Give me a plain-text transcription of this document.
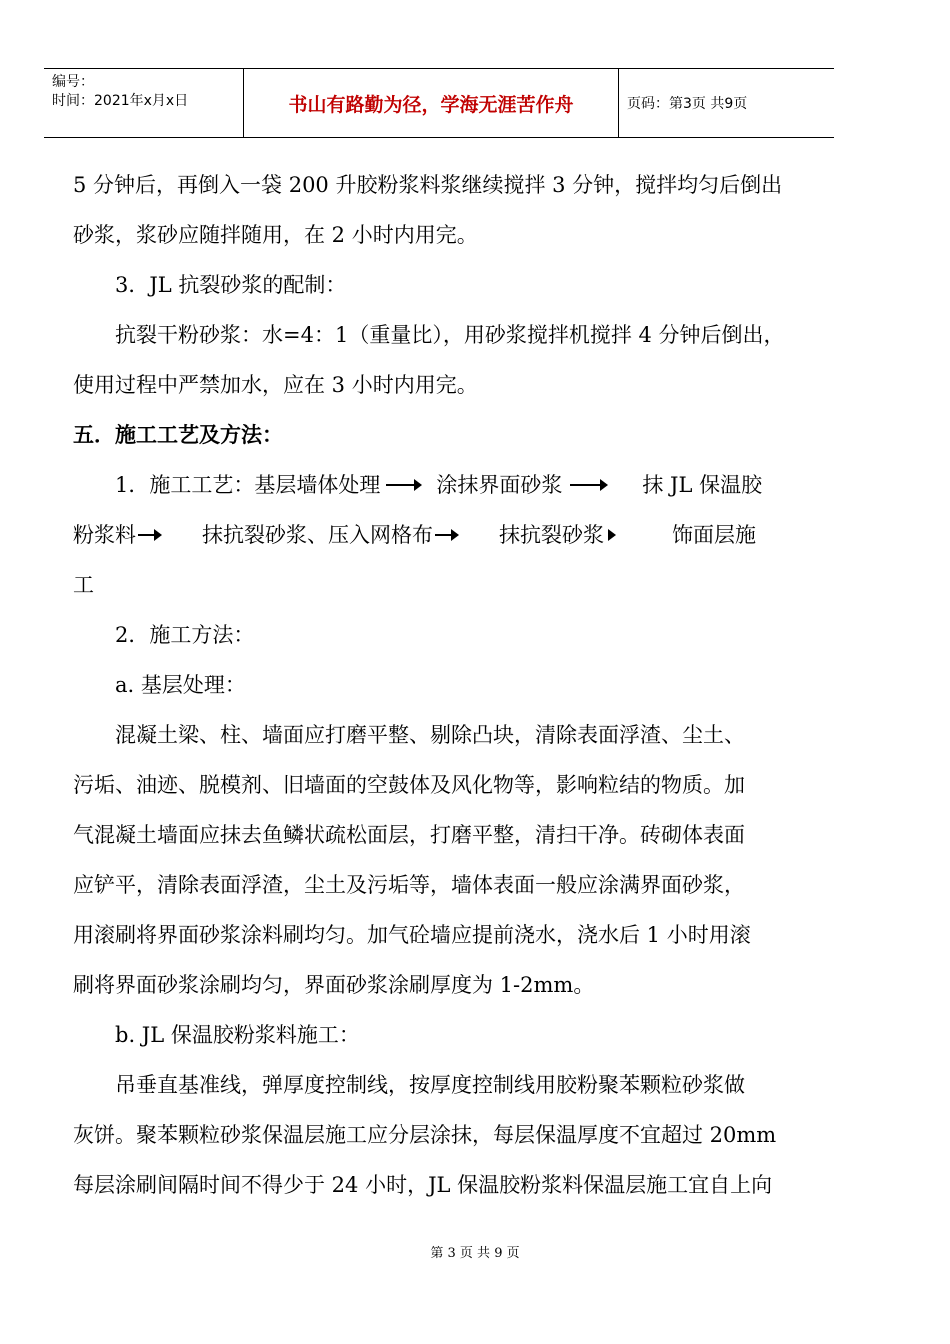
编号：
时间：2021年x月x日	书山有路勤为径，学海无涯苦作舟	页码：第3页 共9页
5 分钟后，再倒入一袋 200 升胶粉浆料浆继续搅拌 3 分钟，搅拌均匀后倒出
砂浆，浆砂应随拌随用，在 2 小时内用完。
3．JL 抗裂砂浆的配制：
抗裂干粉砂浆：水=4：1（重量比），用砂浆搅拌机搅拌 4 分钟后倒出，
使用过程中严禁加水，应在 3 小时内用完。
五．施工工艺及方法：
1．施工工艺：基层墙体处理	涂抹界面砂浆	抹 JL 保温胶
粉浆料	抹抗裂砂浆、压入网格布	抹抗裂砂浆	饰面层施
工
2．施工方法：
a. 基层处理：
混凝土梁、柱、墙面应打磨平整、剔除凸块，清除表面浮渣、尘土、
污垢、油迹、脱模剂、旧墙面的空鼓体及风化物等，影响粒结的物质。加
气混凝土墙面应抹去鱼鳞状疏松面层，打磨平整，清扫干净。砖砌体表面
应铲平，清除表面浮渣，尘土及污垢等，墙体表面一般应涂满界面砂浆，
用滚刷将界面砂浆涂料刷均匀。加气砼墙应提前浇水，浇水后 1 小时用滚
刷将界面砂浆涂刷均匀，界面砂浆涂刷厚度为 1-2mm。
b. JL 保温胶粉浆料施工：
吊垂直基准线，弹厚度控制线，按厚度控制线用胶粉聚苯颗粒砂浆做
灰饼。聚苯颗粒砂浆保温层施工应分层涂抹，每层保温厚度不宜超过 20mm
每层涂刷间隔时间不得少于 24 小时，JL 保温胶粉浆料保温层施工宜自上向
第 3 页 共 9 页
